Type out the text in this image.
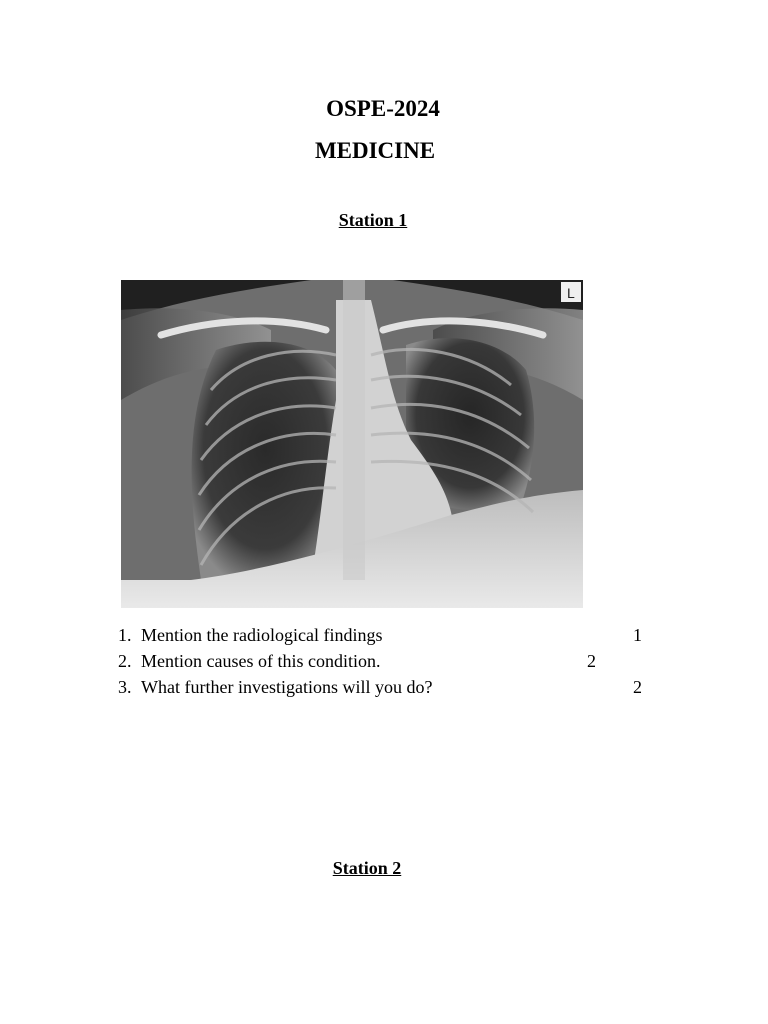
OSPE-2024
MEDICINE
Station 1
L
1. Mention the radiological findings	1
2. Mention causes of this condition.	2
3. What further investigations will you do?	2
Station 2
